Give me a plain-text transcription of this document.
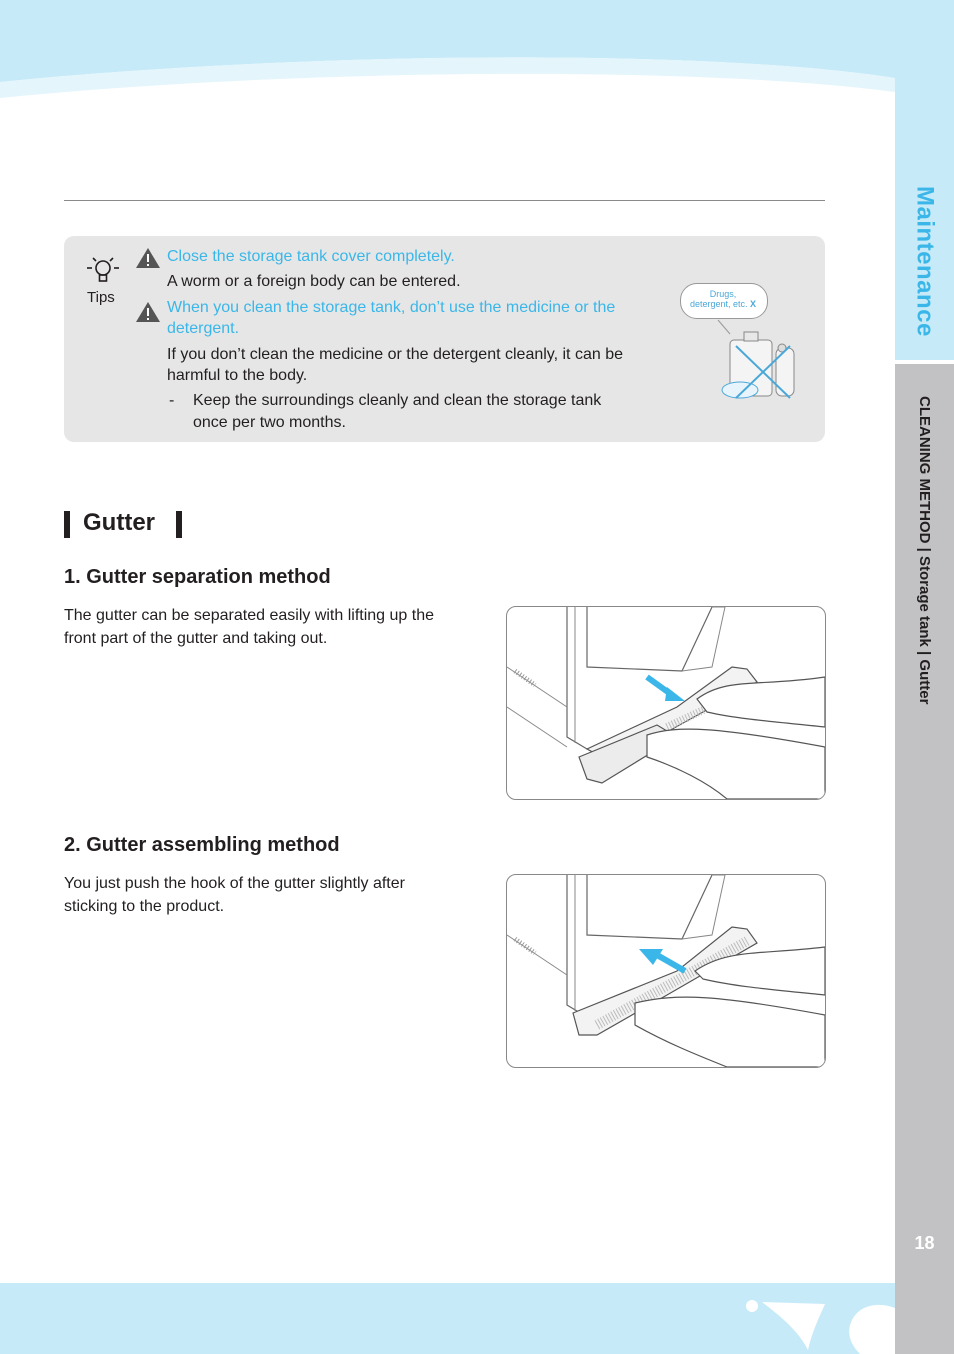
Maintenance
CLEANING METHOD | Storage tank | Gutter
18
Tips
Close the storage tank cover completely.
A worm or a foreign body can be entered.
When you clean the storage tank, don’t use the medicine or the
detergent.
If you don’t clean the medicine or the detergent cleanly, it can be
harmful to the body.
- Keep the surroundings cleanly and clean the storage tank
once per two months.
Drugs,
detergent, etc. X
Gutter
1. Gutter separation method
The gutter can be separated easily with lifting up the
front part of the gutter and taking out.
2. Gutter assembling method
You just push the hook of the gutter slightly after
sticking to the product.
